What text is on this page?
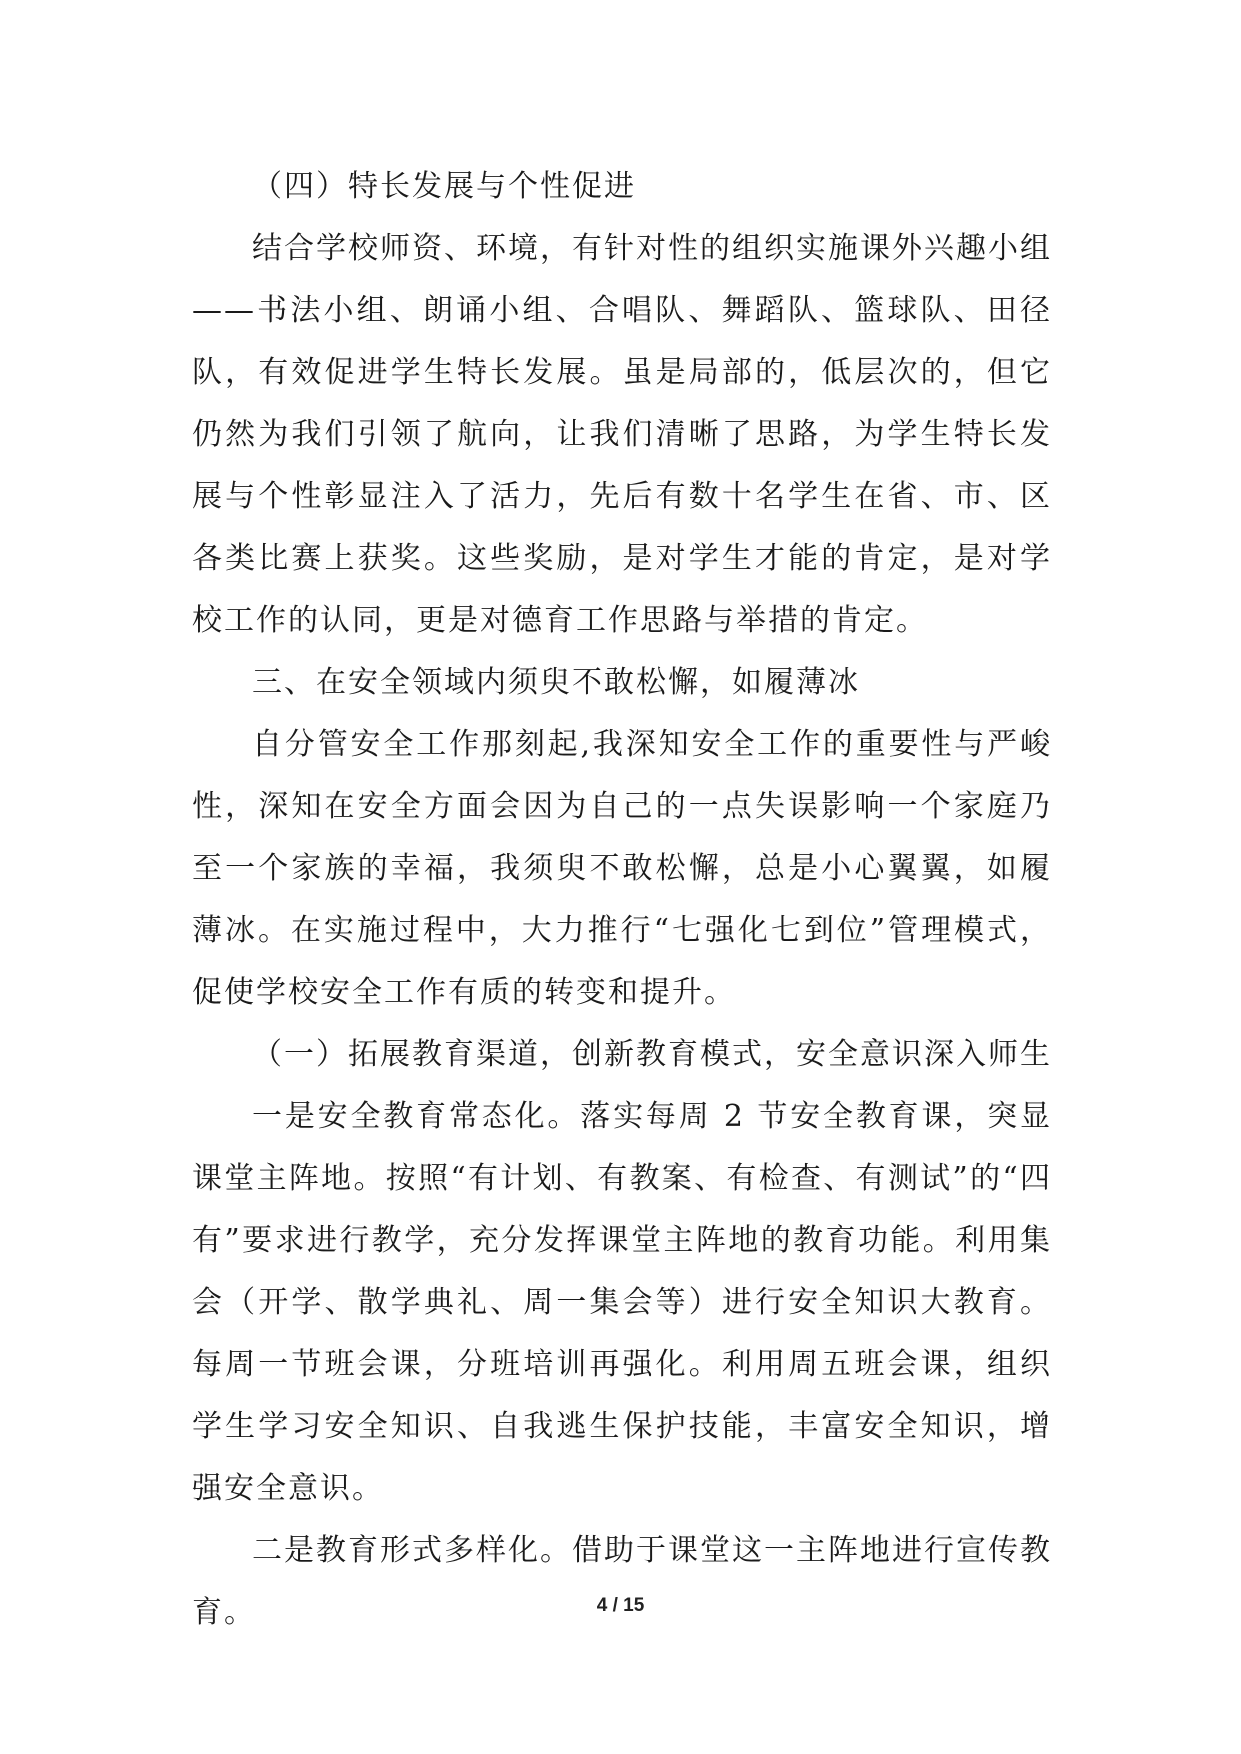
（四）特长发展与个性促进

结合学校师资、环境，有针对性的组织实施课外兴趣小组——书法小组、朗诵小组、合唱队、舞蹈队、篮球队、田径队，有效促进学生特长发展。虽是局部的，低层次的，但它仍然为我们引领了航向，让我们清晰了思路，为学生特长发展与个性彰显注入了活力，先后有数十名学生在省、市、区各类比赛上获奖。这些奖励，是对学生才能的肯定，是对学校工作的认同，更是对德育工作思路与举措的肯定。

三、在安全领域内须臾不敢松懈，如履薄冰

自分管安全工作那刻起,我深知安全工作的重要性与严峻性，深知在安全方面会因为自己的一点失误影响一个家庭乃至一个家族的幸福，我须臾不敢松懈，总是小心翼翼，如履薄冰。在实施过程中，大力推行“七强化七到位”管理模式，促使学校安全工作有质的转变和提升。

（一）拓展教育渠道，创新教育模式，安全意识深入师生

一是安全教育常态化。落实每周 2 节安全教育课，突显课堂主阵地。按照“有计划、有教案、有检查、有测试”的“四有”要求进行教学，充分发挥课堂主阵地的教育功能。利用集会（开学、散学典礼、周一集会等）进行安全知识大教育。每周一节班会课，分班培训再强化。利用周五班会课，组织学生学习安全知识、自我逃生保护技能，丰富安全知识，增强安全意识。

二是教育形式多样化。借助于课堂这一主阵地进行宣传教育。	4 / 15
